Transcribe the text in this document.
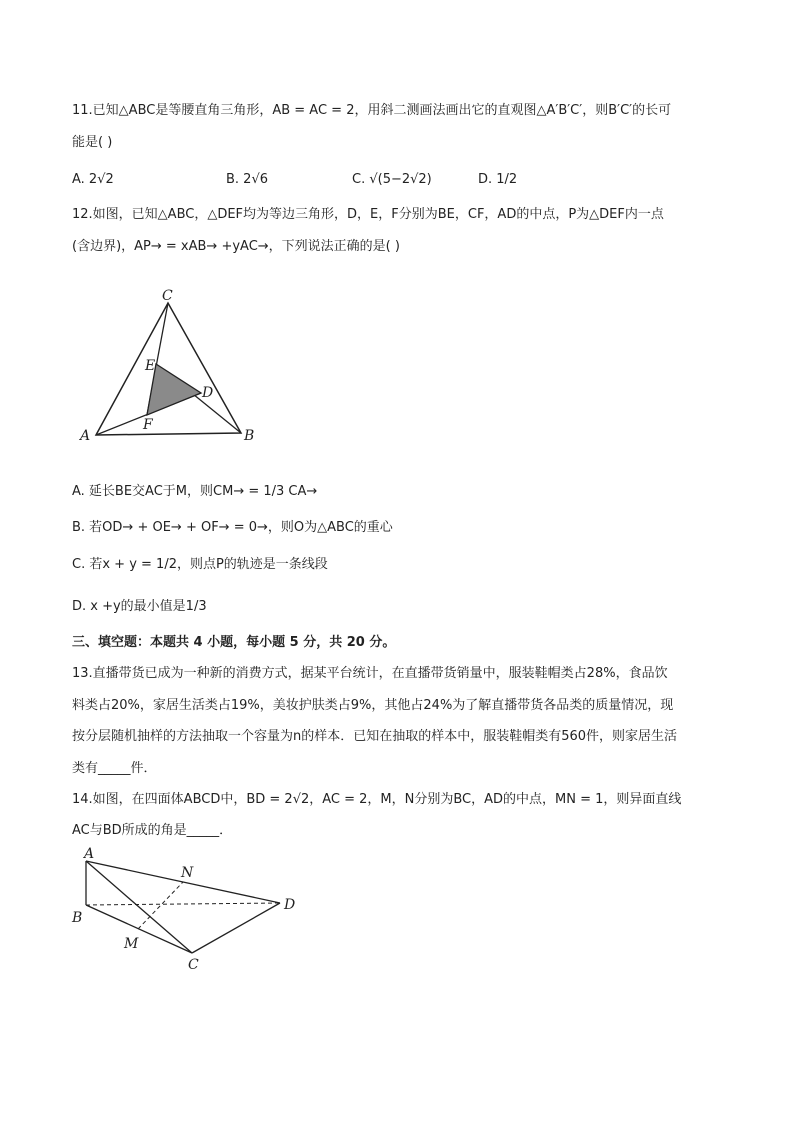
11.已知△ABC是等腰直角三角形，AB = AC = 2，用斜二测画法画出它的直观图△A′B′C′，则B′C′的长可
能是( )
A. 2√2	B. 2√6	C. √(5−2√2)	D. 1/2
12.如图，已知△ABC，△DEF均为等边三角形，D，E，F分别为BE，CF，AD的中点，P为△DEF内一点
(含边界)，AP→ = xAB→ +yAC→，下列说法正确的是( )
C
E
D
F
A	B
A. 延长BE交AC于M，则CM→ = 1/3 CA→
B. 若OD→ + OE→ + OF→ = 0→，则O为△ABC的重心
C. 若x + y = 1/2，则点P的轨迹是一条线段
D. x +y的最小值是1/3
三、填空题：本题共 4 小题，每小题 5 分，共 20 分。
13.直播带货已成为一种新的消费方式，据某平台统计，在直播带货销量中，服装鞋帽类占28%，食品饮
料类占20%，家居生活类占19%，美妆护肤类占9%，其他占24%为了解直播带货各品类的质量情况，现
按分层随机抽样的方法抽取一个容量为n的样本．已知在抽取的样本中，服装鞋帽类有560件，则家居生活
类有_____件．
14.如图，在四面体ABCD中，BD = 2√2，AC = 2，M，N分别为BC，AD的中点，MN = 1，则异面直线
AC与BD所成的角是_____．
A
N
B
D
M
C
